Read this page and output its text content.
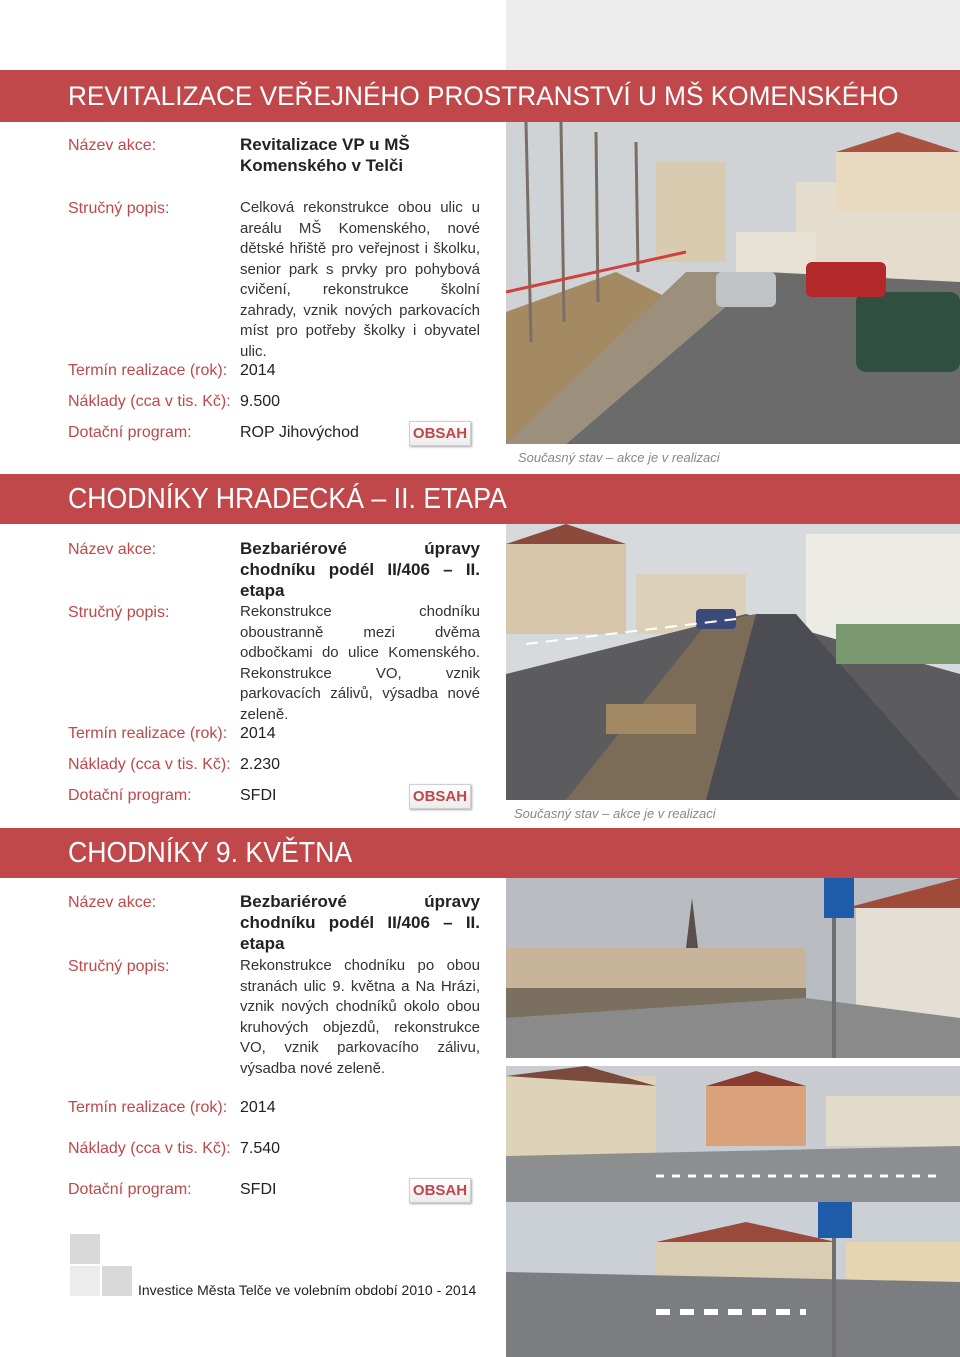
REVITALIZACE VEŘEJNÉHO PROSTRANSTVÍ U MŠ KOMENSKÉHO
Název akce:	Revitalizace VP u MŠ Komenského v Telči
Stručný popis:	Celková rekonstrukce obou ulic u areálu MŠ Komenského, nové dětské hřiště pro veřejnost i školku, senior park s prvky pro pohybová cvičení, rekonstrukce školní zahrady, vznik nových parkovacích míst pro potřeby školky i obyvatel ulic.
Termín realizace (rok): 2014
Náklady (cca v tis. Kč): 9.500
Dotační program:	ROP Jihovýchod	OBSAH
Současný stav – akce je v realizaci
CHODNÍKY HRADECKÁ – II. ETAPA
Název akce:	Bezbariérové úpravy chodníku podél II/406 – II. etapa
Stručný popis:	Rekonstrukce chodníku oboustranně mezi dvěma odbočkami do ulice Komenského. Rekonstrukce VO, vznik parkovacích zálivů, výsadba nové zeleně.
Termín realizace (rok): 2014
Náklady (cca v tis. Kč): 2.230
Dotační program:	SFDI	OBSAH
Současný stav – akce je v realizaci
CHODNÍKY 9. KVĚTNA
Název akce:	Bezbariérové úpravy chodníku podél II/406 – II. etapa
Stručný popis:	Rekonstrukce chodníku po obou stranách ulic 9. května a Na Hrázi, vznik nových chodníků okolo obou kruhových objezdů, rekonstrukce VO, vznik parkovacího zálivu, výsadba nové zeleně.
Termín realizace (rok): 2014
Náklady (cca v tis. Kč): 7.540
Dotační program:	SFDI	OBSAH
Investice Města Telče ve volebním období 2010 - 2014
